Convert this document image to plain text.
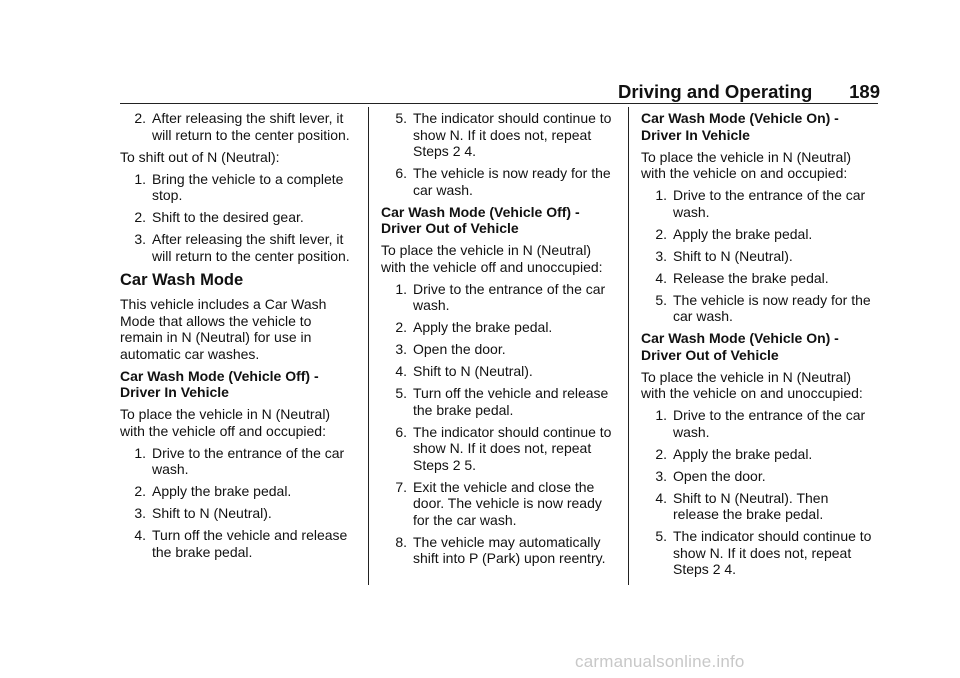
Driving and Operating 189
2. After releasing the shift lever, it will return to the center position.
To shift out of N (Neutral):
1. Bring the vehicle to a complete stop.
2. Shift to the desired gear.
3. After releasing the shift lever, it will return to the center position.
Car Wash Mode
This vehicle includes a Car Wash Mode that allows the vehicle to remain in N (Neutral) for use in automatic car washes.
Car Wash Mode (Vehicle Off) - Driver In Vehicle
To place the vehicle in N (Neutral) with the vehicle off and occupied:
1. Drive to the entrance of the car wash.
2. Apply the brake pedal.
3. Shift to N (Neutral).
4. Turn off the vehicle and release the brake pedal.
5. The indicator should continue to show N. If it does not, repeat Steps 2 4.
6. The vehicle is now ready for the car wash.
Car Wash Mode (Vehicle Off) - Driver Out of Vehicle
To place the vehicle in N (Neutral) with the vehicle off and unoccupied:
1. Drive to the entrance of the car wash.
2. Apply the brake pedal.
3. Open the door.
4. Shift to N (Neutral).
5. Turn off the vehicle and release the brake pedal.
6. The indicator should continue to show N. If it does not, repeat Steps 2 5.
7. Exit the vehicle and close the door. The vehicle is now ready for the car wash.
8. The vehicle may automatically shift into P (Park) upon reentry.
Car Wash Mode (Vehicle On) - Driver In Vehicle
To place the vehicle in N (Neutral) with the vehicle on and occupied:
1. Drive to the entrance of the car wash.
2. Apply the brake pedal.
3. Shift to N (Neutral).
4. Release the brake pedal.
5. The vehicle is now ready for the car wash.
Car Wash Mode (Vehicle On) - Driver Out of Vehicle
To place the vehicle in N (Neutral) with the vehicle on and unoccupied:
1. Drive to the entrance of the car wash.
2. Apply the brake pedal.
3. Open the door.
4. Shift to N (Neutral). Then release the brake pedal.
5. The indicator should continue to show N. If it does not, repeat Steps 2 4.
carmanualsonline.info
